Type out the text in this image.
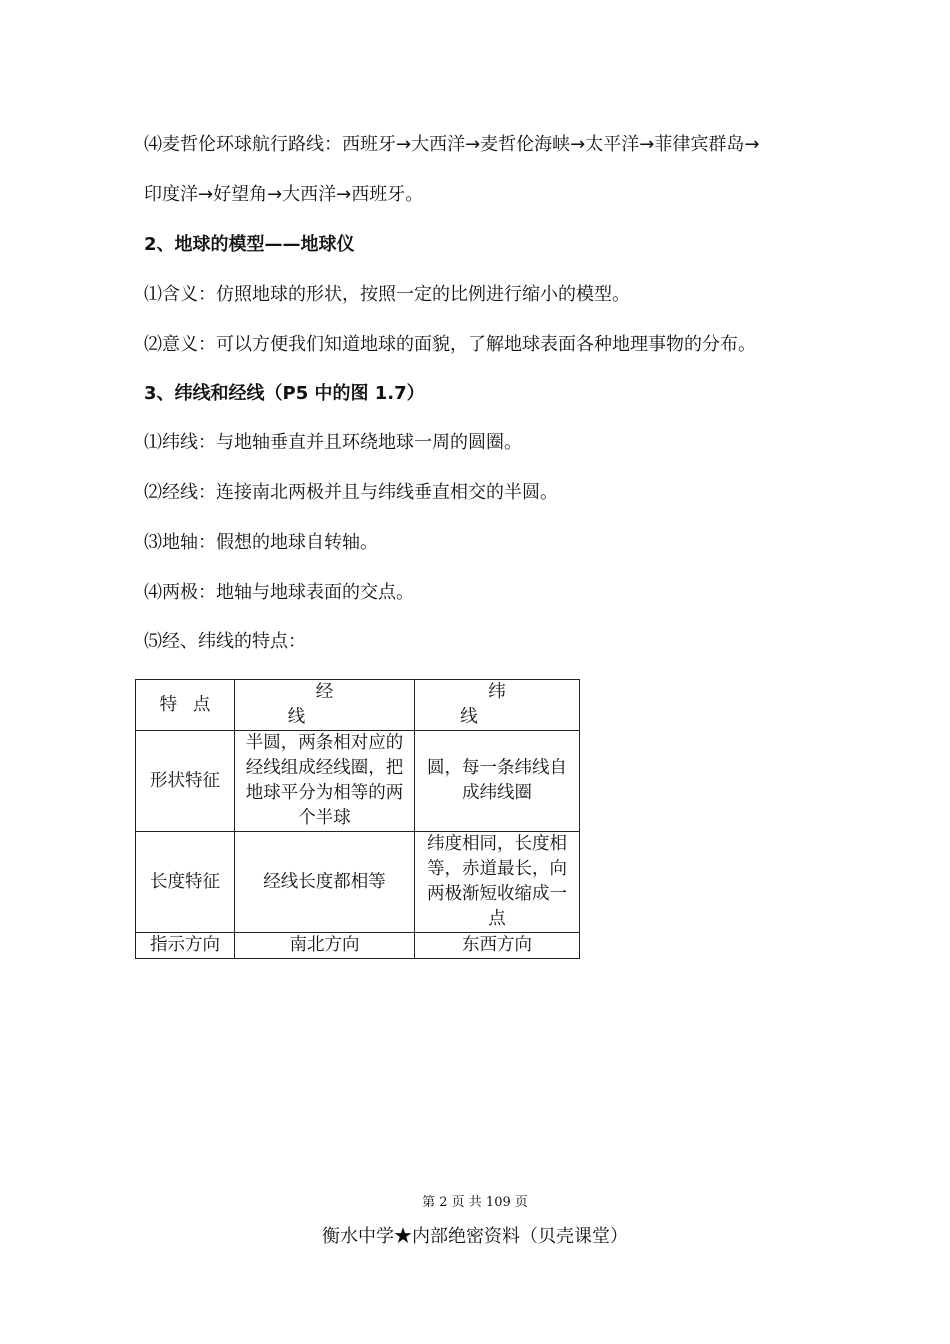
⑷麦哲伦环球航行路线：西班牙→大西洋→麦哲伦海峡→太平洋→菲律宾群岛→
印度洋→好望角→大西洋→西班牙。
2、地球的模型——地球仪
⑴含义：仿照地球的形状，按照一定的比例进行缩小的模型。
⑵意义：可以方便我们知道地球的面貌，了解地球表面各种地理事物的分布。
3、纬线和经线（P5 中的图 1.7）
⑴纬线：与地轴垂直并且环绕地球一周的圆圈。
⑵经线：连接南北两极并且与纬线垂直相交的半圆。
⑶地轴：假想的地球自转轴。
⑷两极：地轴与地球表面的交点。
⑸经、纬线的特点：
特点	经线	纬线
形状特征	半圆，两条相对应的经线组成经线圈，把地球平分为相等的两个半球	圆，每一条纬线自成纬线圈
长度特征	经线长度都相等	纬度相同，长度相等，赤道最长，向两极渐短收缩成一点
指示方向	南北方向	东西方向
第 2 页 共 109 页
衡水中学★内部绝密资料（贝壳课堂）
